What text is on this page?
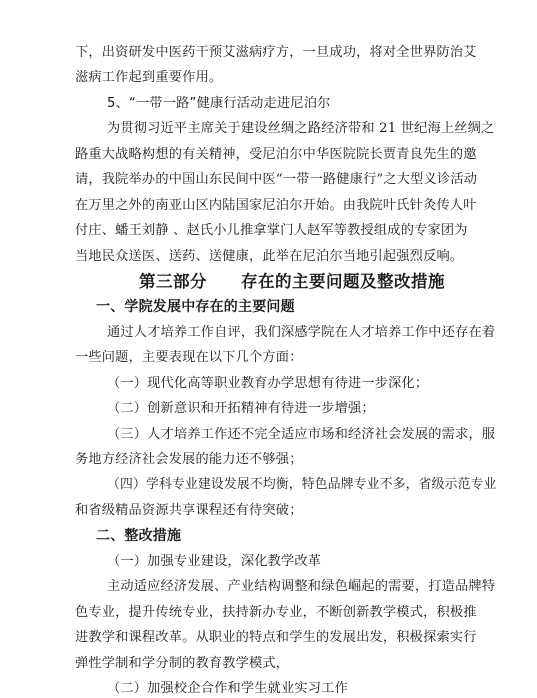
下，出资研发中医药干预艾滋病疗方，一旦成功，将对全世界防治艾
滋病工作起到重要作用。
5、“一带一路”健康行活动走进尼泊尔
为贯彻习近平主席关于建设丝绸之路经济带和 21 世纪海上丝绸之
路重大战略构想的有关精神，受尼泊尔中华医院院长贾青良先生的邀
请，我院举办的中国山东民间中医“一带一路健康行”之大型义诊活动
在万里之外的南亚山区内陆国家尼泊尔开始。由我院叶氏针灸传人叶
付庄、蟠王刘静 、赵氏小儿推拿掌门人赵军等教授组成的专家团为
当地民众送医、送药、送健康，此举在尼泊尔当地引起强烈反响。
第三部分 存在的主要问题及整改措施
一、学院发展中存在的主要问题
通过人才培养工作自评，我们深感学院在人才培养工作中还存在着
一些问题，主要表现在以下几个方面：
（一）现代化高等职业教育办学思想有待进一步深化；
（二）创新意识和开拓精神有待进一步增强；
（三）人才培养工作还不完全适应市场和经济社会发展的需求，服
务地方经济社会发展的能力还不够强；
（四）学科专业建设发展不均衡，特色品牌专业不多，省级示范专业
和省级精品资源共享课程还有待突破；
二、整改措施
（一）加强专业建设，深化教学改革
主动适应经济发展、产业结构调整和绿色崛起的需要，打造品牌特
色专业，提升传统专业，扶持新办专业，不断创新教学模式，积极推
进教学和课程改革。从职业的特点和学生的发展出发，积极探索实行
弹性学制和学分制的教育教学模式，
（二）加强校企合作和学生就业实习工作
